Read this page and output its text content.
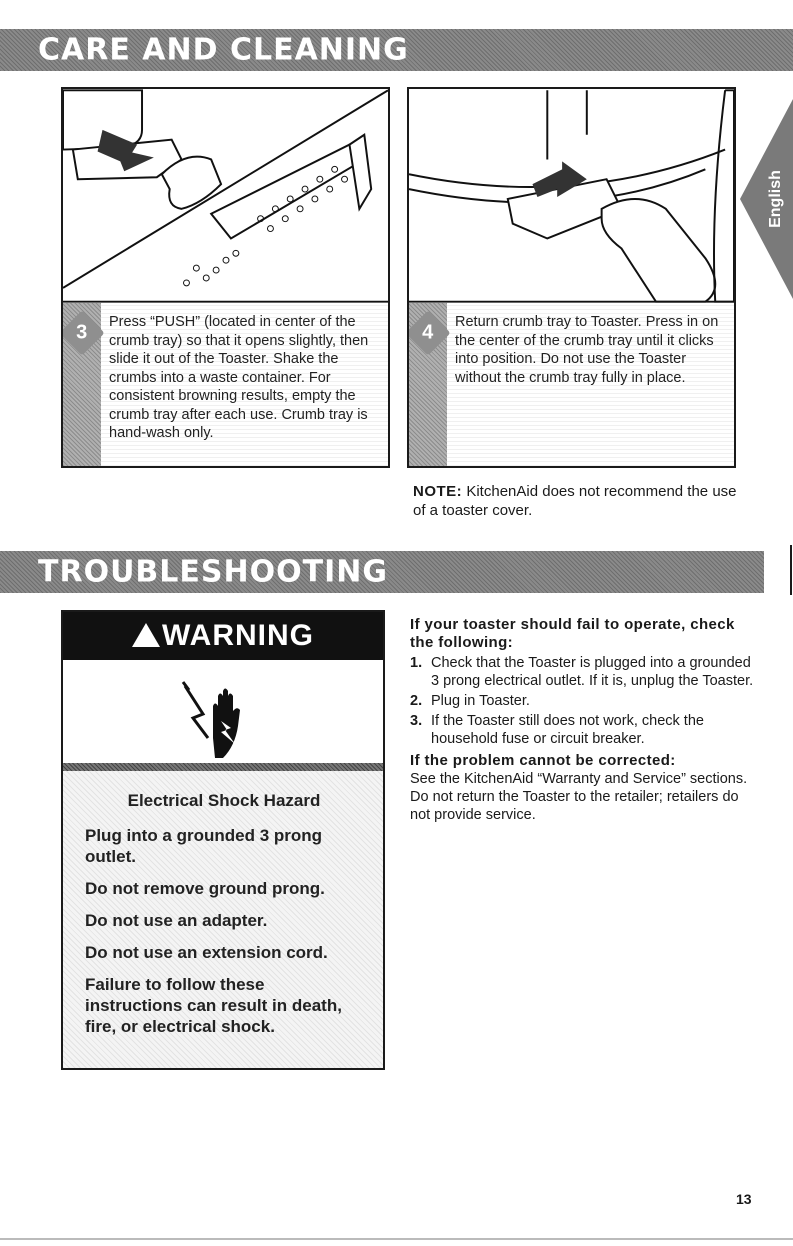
CARE AND CLEANING
3	Press “PUSH” (located in center of the crumb tray) so that it opens slightly, then slide it out of the Toaster. Shake the crumbs into a waste container. For consistent browning results, empty the crumb tray after each use. Crumb tray is hand-wash only.
4	Return crumb tray to Toaster. Press in on the center of the crumb tray until it clicks into position. Do not use the Toaster without the crumb tray fully in place.
English
NOTE: KitchenAid does not recommend the use of a toaster cover.
TROUBLESHOOTING
WARNING
Electrical Shock Hazard
Plug into a grounded 3 prong outlet.
Do not remove ground prong.
Do not use an adapter.
Do not use an extension cord.
Failure to follow these instructions can result in death, fire, or electrical shock.
If your toaster should fail to operate, check the following:
1. Check that the Toaster is plugged into a grounded 3 prong electrical outlet. If it is, unplug the Toaster.
2. Plug in Toaster.
3. If the Toaster still does not work, check the household fuse or circuit breaker.
If the problem cannot be corrected:

See the KitchenAid “Warranty and Service” sections. Do not return the Toaster to the retailer; retailers do not provide service.

13
